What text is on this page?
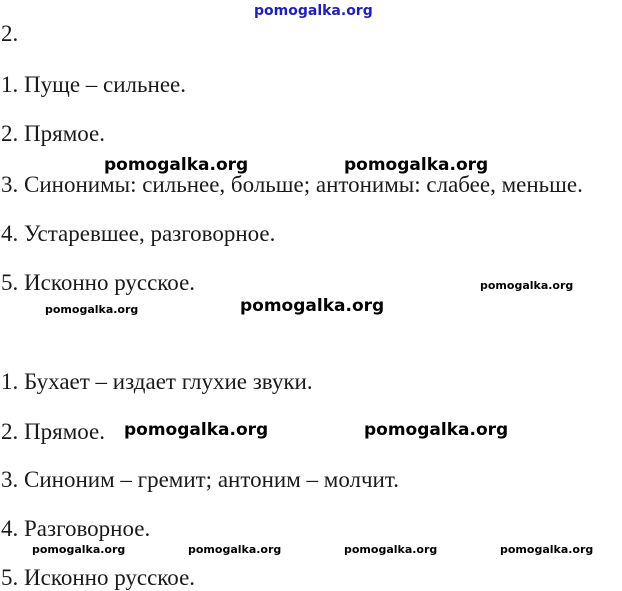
pomogalka.org
2.
1. Пуще – сильнее.
2. Прямое.
3. Синонимы: сильнее, больше; антонимы: слабее, меньше.
4. Устаревшее, разговорное.
5. Исконно русское.
pomogalka.org	pomogalka.org
pomogalka.org
pomogalka.org	pomogalka.org
1. Бухает – издает глухие звуки.
2. Прямое.
3. Синоним – гремит; антоним – молчит.
4. Разговорное.
5. Исконно русское.
pomogalka.org	pomogalka.org
pomogalka.org	pomogalka.org	pomogalka.org	pomogalka.org
